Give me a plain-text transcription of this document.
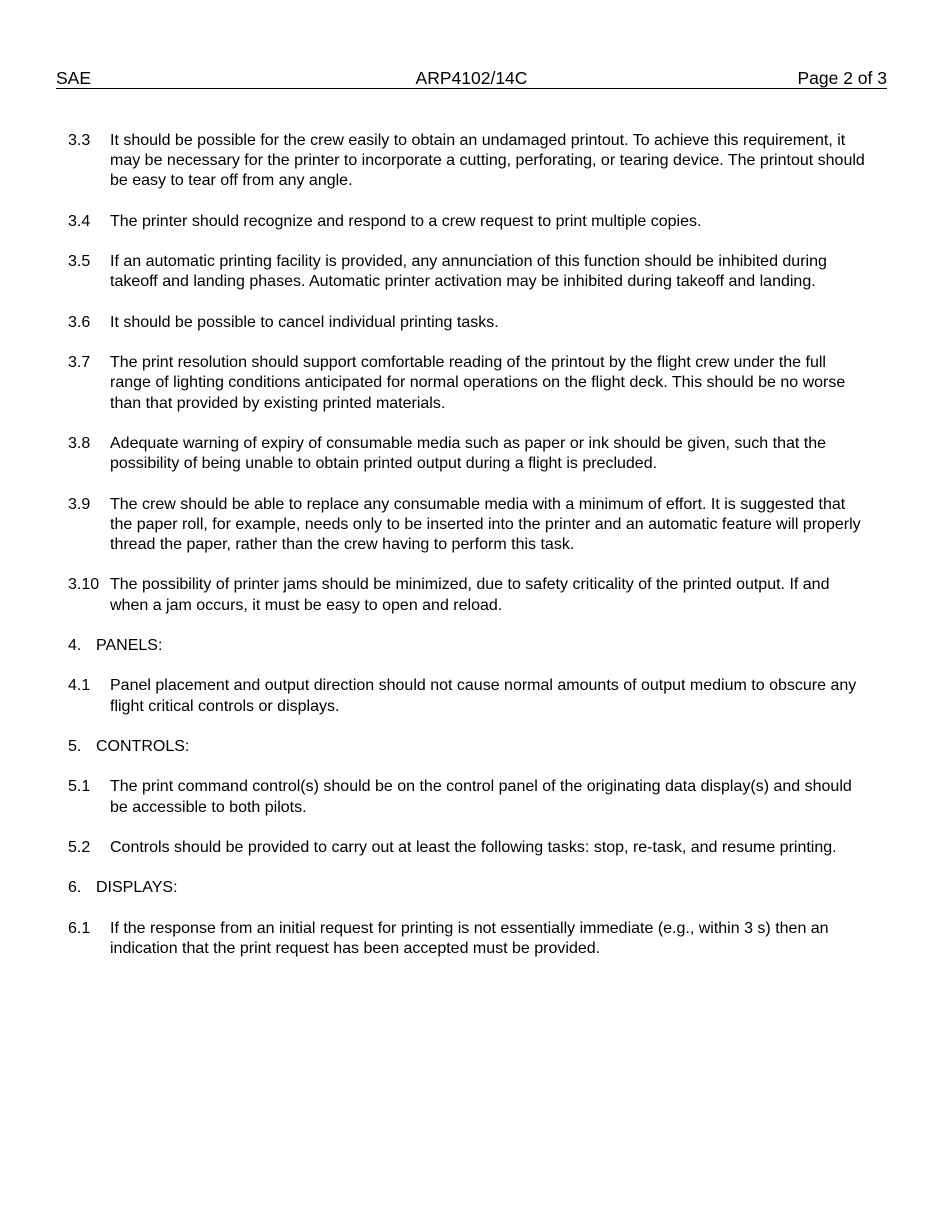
SAE	ARP4102/14C	Page 2 of 3
3.3	It should be possible for the crew easily to obtain an undamaged printout. To achieve this requirement, it may be necessary for the printer to incorporate a cutting, perforating, or tearing device. The printout should be easy to tear off from any angle.
3.4	The printer should recognize and respond to a crew request to print multiple copies.
3.5	If an automatic printing facility is provided, any annunciation of this function should be inhibited during takeoff and landing phases. Automatic printer activation may be inhibited during takeoff and landing.
3.6	It should be possible to cancel individual printing tasks.
3.7	The print resolution should support comfortable reading of the printout by the flight crew under the full range of lighting conditions anticipated for normal operations on the flight deck. This should be no worse than that provided by existing printed materials.
3.8	Adequate warning of expiry of consumable media such as paper or ink should be given, such that the possibility of being unable to obtain printed output during a flight is precluded.
3.9	The crew should be able to replace any consumable media with a minimum of effort. It is suggested that the paper roll, for example, needs only to be inserted into the printer and an automatic feature will properly thread the paper, rather than the crew having to perform this task.
3.10 The possibility of printer jams should be minimized, due to safety criticality of the printed output. If and when a jam occurs, it must be easy to open and reload.
4. PANELS:
4.1	Panel placement and output direction should not cause normal amounts of output medium to obscure any flight critical controls or displays.
5. CONTROLS:
5.1	The print command control(s) should be on the control panel of the originating data display(s) and should be accessible to both pilots.
5.2	Controls should be provided to carry out at least the following tasks: stop, re-task, and resume printing.
6. DISPLAYS:
6.1	If the response from an initial request for printing is not essentially immediate (e.g., within 3 s) then an indication that the print request has been accepted must be provided.
